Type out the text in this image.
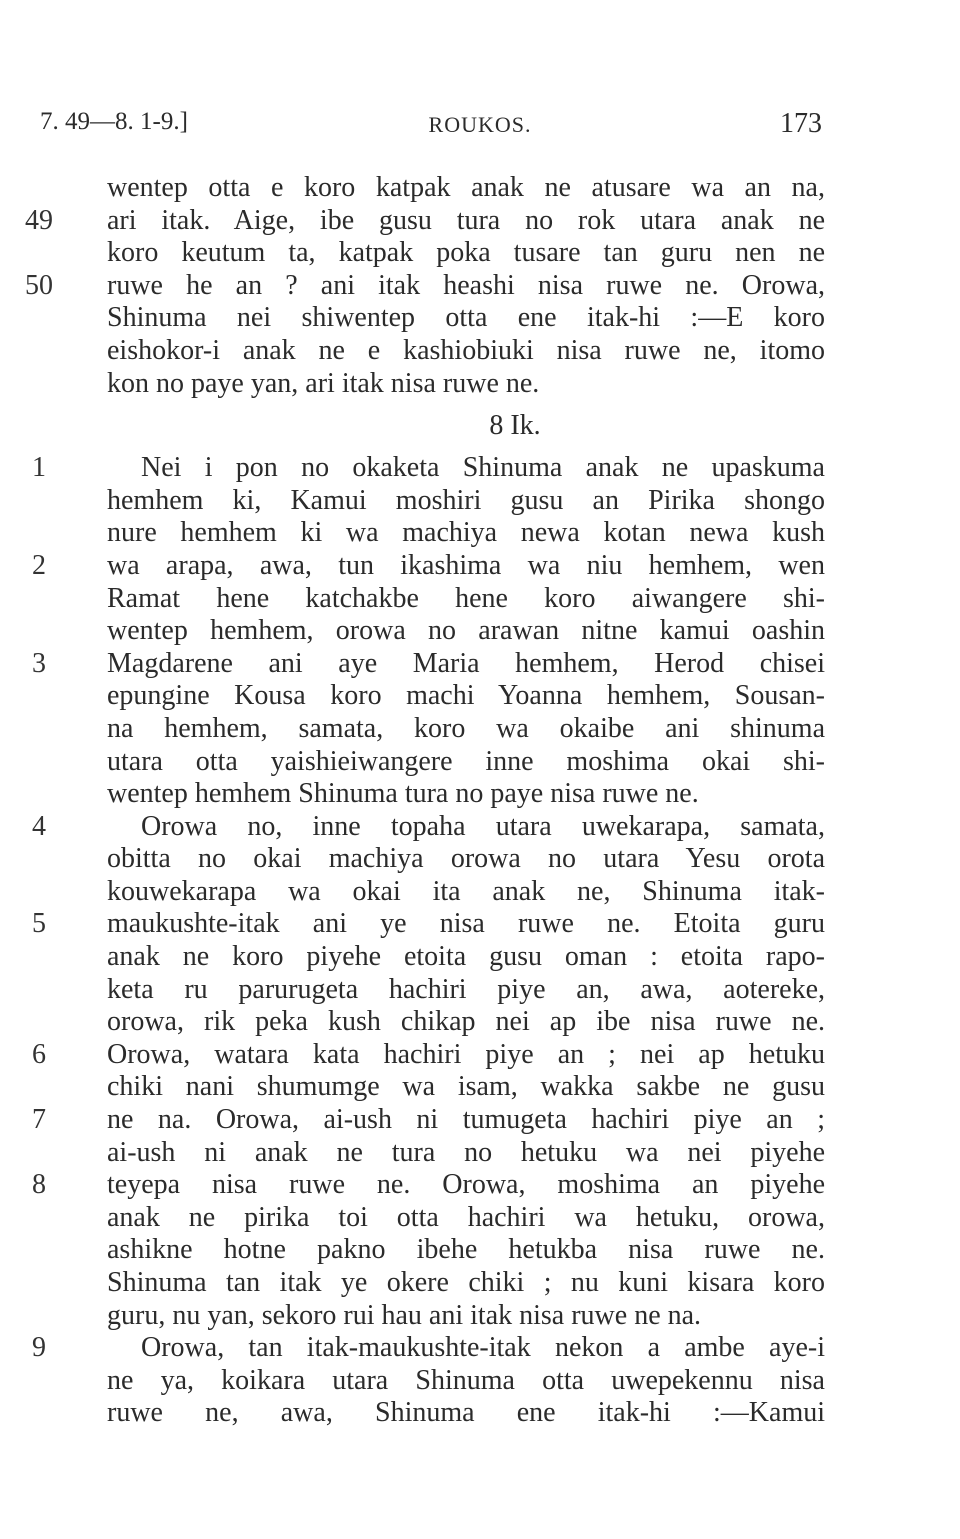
7. 49—8. 1-9.]	ROUKOS.	173
wentep otta e koro katpak anak ne atusare wa an na,
49	ari itak. Aige, ibe gusu tura no rok utara anak ne
koro keutum ta, katpak poka tusare tan guru nen ne
50	ruwe he an ? ani itak heashi nisa ruwe ne. Orowa,
Shinuma nei shiwentep otta ene itak-hi :—E koro
eishokor-i anak ne e kashiobiuki nisa ruwe ne, itomo
kon no paye yan, ari itak nisa ruwe ne.
8 Ik.
1	Nei i pon no okaketa Shinuma anak ne upaskuma
hemhem ki, Kamui moshiri gusu an Pirika shongo
nure hemhem ki wa machiya newa kotan newa kush
2	wa arapa, awa, tun ikashima wa niu hemhem, wen
Ramat hene katchakbe hene koro aiwangere shi-
wentep hemhem, orowa no arawan nitne kamui oashin
3	Magdarene ani aye Maria hemhem, Herod chisei
epungine Kousa koro machi Yoanna hemhem, Sousan-
na hemhem, samata, koro wa okaibe ani shinuma
utara otta yaishieiwangere inne moshima okai shi-
wentep hemhem Shinuma tura no paye nisa ruwe ne.
4	Orowa no, inne topaha utara uwekarapa, samata,
obitta no okai machiya orowa no utara Yesu orota
kouwekarapa wa okai ita anak ne, Shinuma itak-
5	maukushte-itak ani ye nisa ruwe ne. Etoita guru
anak ne koro piyehe etoita gusu oman : etoita rapo-
keta ru parurugeta hachiri piye an, awa, aotereke,
orowa, rik peka kush chikap nei ap ibe nisa ruwe ne.
6	Orowa, watara kata hachiri piye an ; nei ap hetuku
chiki nani shumumge wa isam, wakka sakbe ne gusu
7	ne na. Orowa, ai-ush ni tumugeta hachiri piye an ;
ai-ush ni anak ne tura no hetuku wa nei piyehe
8	teyepa nisa ruwe ne. Orowa, moshima an piyehe
anak ne pirika toi otta hachiri wa hetuku, orowa,
ashikne hotne pakno ibehe hetukba nisa ruwe ne.
Shinuma tan itak ye okere chiki ; nu kuni kisara koro
guru, nu yan, sekoro rui hau ani itak nisa ruwe ne na.
9	Orowa, tan itak-maukushte-itak nekon a ambe aye-i
ne ya, koikara utara Shinuma otta uwepekennu nisa
ruwe ne, awa, Shinuma ene itak-hi :—Kamui
